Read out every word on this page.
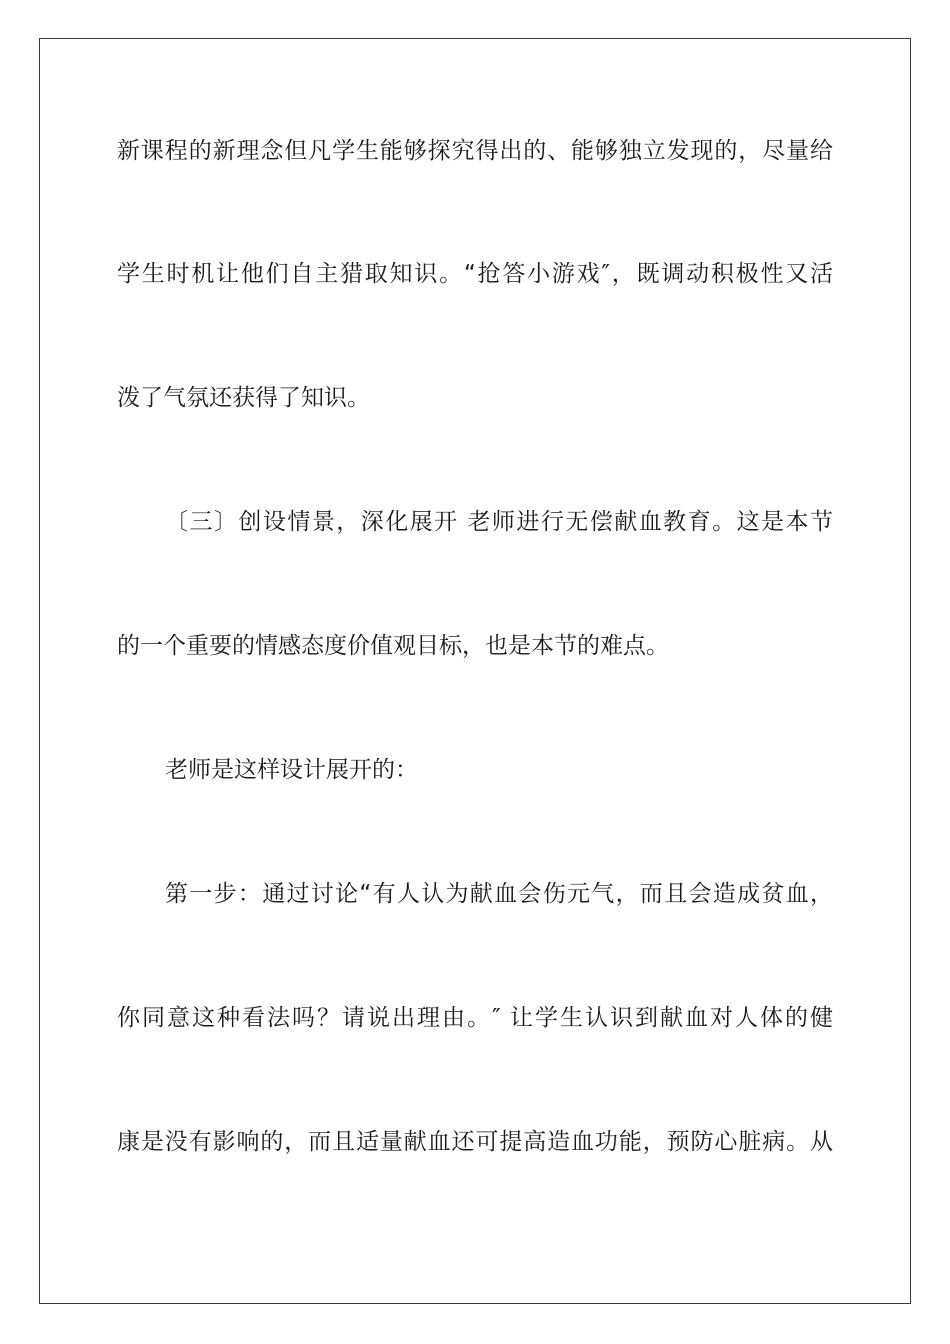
新课程的新理念但凡学生能够探究得出的、能够独立发现的，尽量给
学生时机让他们自主猎取知识。“抢答小游戏″，既调动积极性又活
泼了气氛还获得了知识。
〔三〕创设情景，深化展开 老师进行无偿献血教育。这是本节
的一个重要的情感态度价值观目标，也是本节的难点。
老师是这样设计展开的：
第一步：通过讨论“有人认为献血会伤元气，而且会造成贫血，
你同意这种看法吗？请说出理由。″ 让学生认识到献血对人体的健
康是没有影响的，而且适量献血还可提高造血功能，预防心脏病。从
